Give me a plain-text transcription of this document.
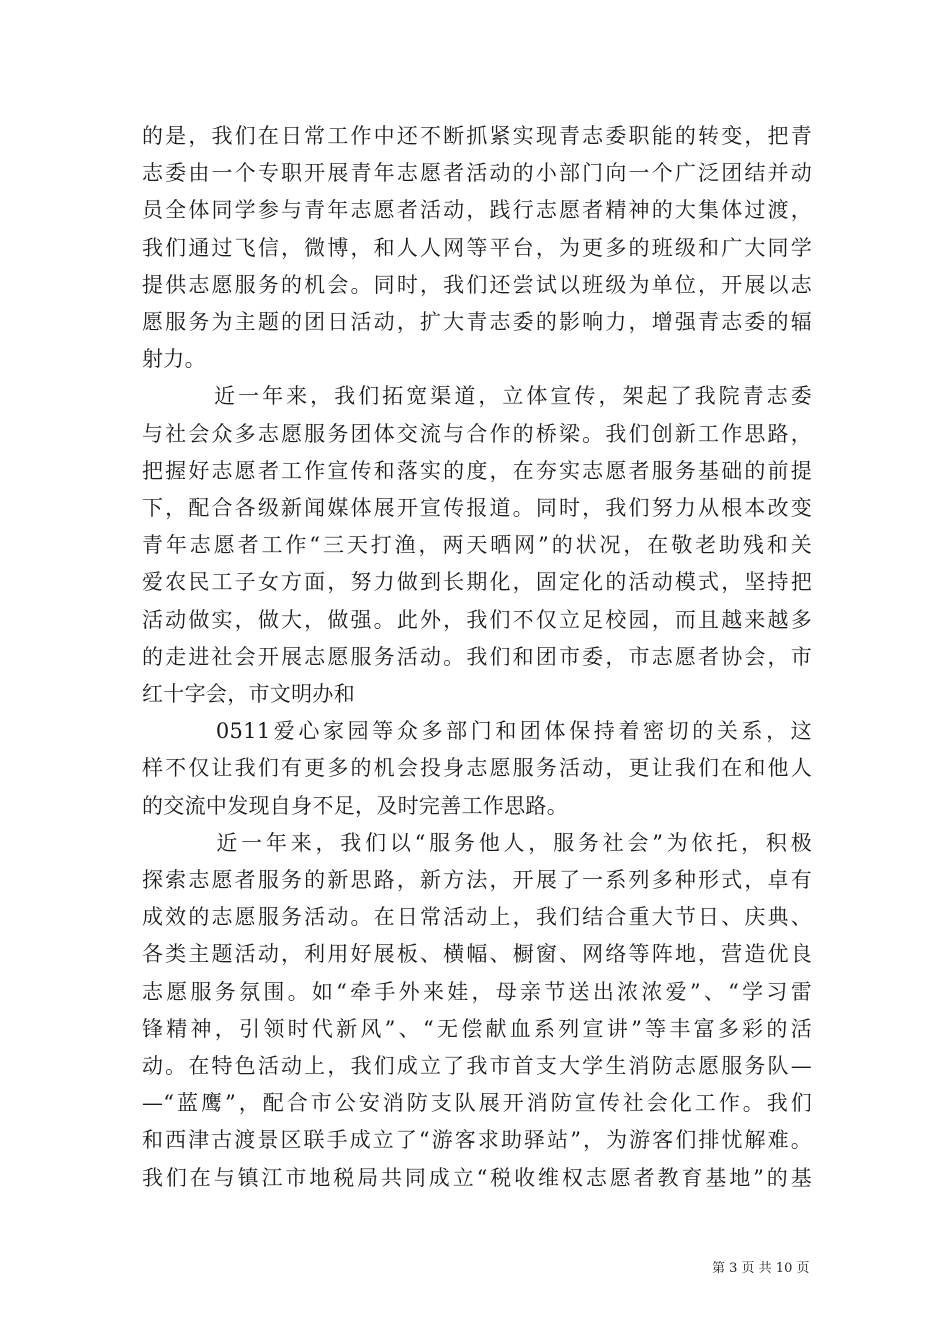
的是，我们在日常工作中还不断抓紧实现青志委职能的转变，把青
志委由一个专职开展青年志愿者活动的小部门向一个广泛团结并动
员全体同学参与青年志愿者活动，践行志愿者精神的大集体过渡，
我们通过飞信，微博，和人人网等平台，为更多的班级和广大同学
提供志愿服务的机会。同时，我们还尝试以班级为单位，开展以志
愿服务为主题的团日活动，扩大青志委的影响力，增强青志委的辐
射力。

　　　近一年来，我们拓宽渠道，立体宣传，架起了我院青志委
与社会众多志愿服务团体交流与合作的桥梁。我们创新工作思路，
把握好志愿者工作宣传和落实的度，在夯实志愿者服务基础的前提
下，配合各级新闻媒体展开宣传报道。同时，我们努力从根本改变
青年志愿者工作“三天打渔，两天晒网”的状况，在敬老助残和关
爱农民工子女方面，努力做到长期化，固定化的活动模式，坚持把
活动做实，做大，做强。此外，我们不仅立足校园，而且越来越多
的走进社会开展志愿服务活动。我们和团市委，市志愿者协会，市
红十字会，市文明办和

　　　0511爱心家园等众多部门和团体保持着密切的关系，这
样不仅让我们有更多的机会投身志愿服务活动，更让我们在和他人
的交流中发现自身不足，及时完善工作思路。

　　　近一年来，我们以“服务他人，服务社会”为依托，积极
探索志愿者服务的新思路，新方法，开展了一系列多种形式，卓有
成效的志愿服务活动。在日常活动上，我们结合重大节日、庆典、
各类主题活动，利用好展板、横幅、橱窗、网络等阵地，营造优良
志愿服务氛围。如“牵手外来娃，母亲节送出浓浓爱”、“学习雷
锋精神，引领时代新风”、“无偿献血系列宣讲”等丰富多彩的活
动。在特色活动上，我们成立了我市首支大学生消防志愿服务队—
—“蓝鹰”，配合市公安消防支队展开消防宣传社会化工作。我们
和西津古渡景区联手成立了“游客求助驿站”，为游客们排忧解难。
我们在与镇江市地税局共同成立“税收维权志愿者教育基地”的基

第 3 页 共 10 页
